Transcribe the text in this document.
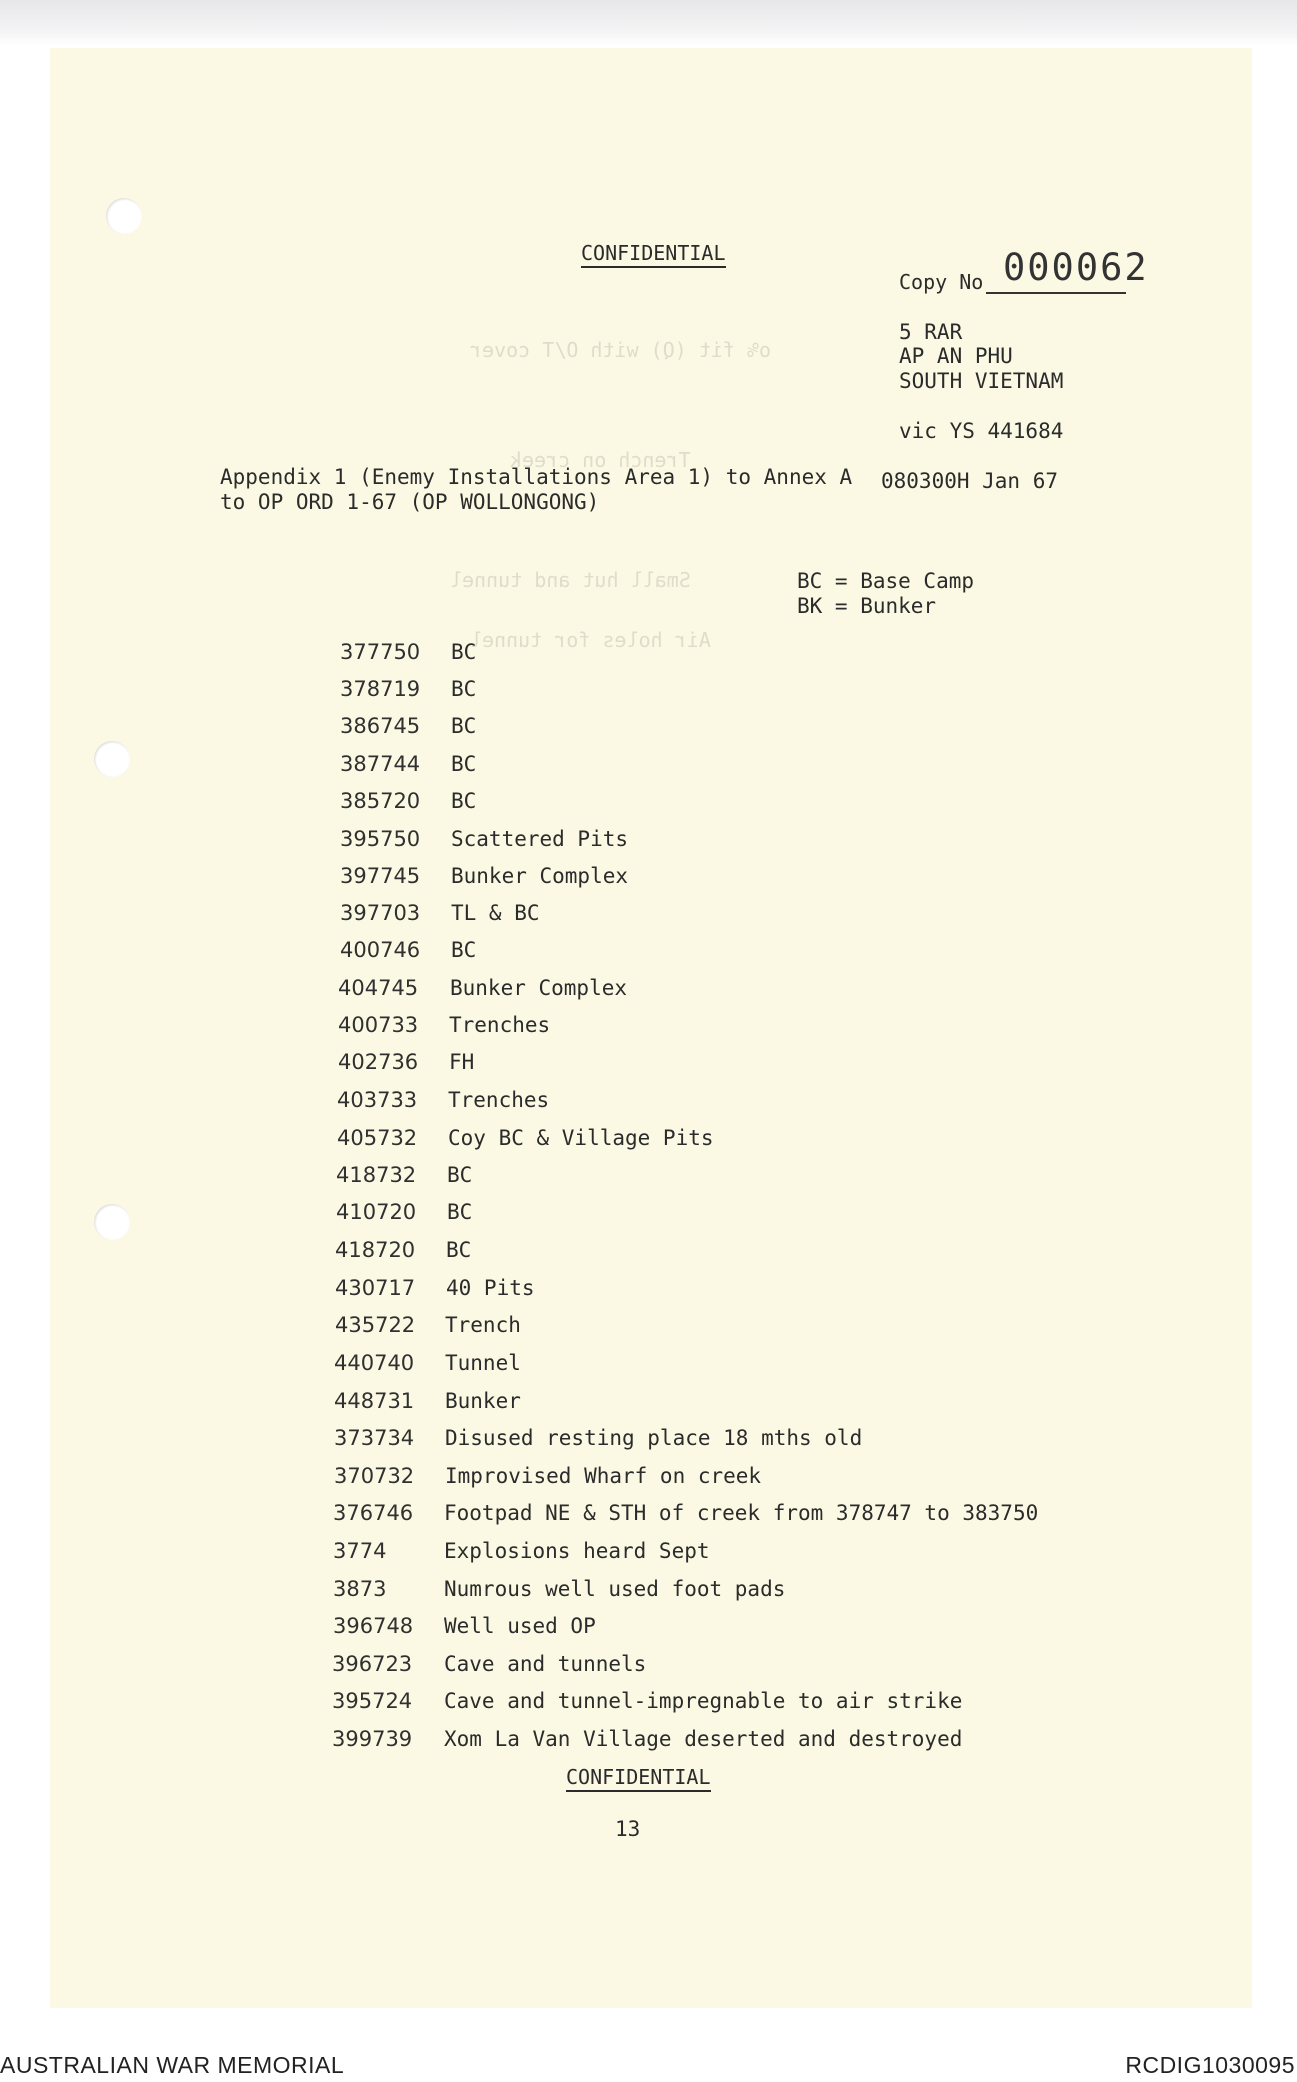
o% fit (Q) with O/T cover
Trench on creek
Small hut and tunnel
Air holes for tunnel
CONFIDENTIAL
Copy No 000062
5 RAR
AP AN PHU
SOUTH VIETNAM
vic YS 441684
Appendix 1 (Enemy Installations Area 1) to Annex A
to OP ORD 1-67 (OP WOLLONGONG)
080300H Jan 67
BC = Base Camp
BK = Bunker
377750 BC
378719 BC
386745 BC
387744 BC
385720 BC
395750 Scattered Pits
397745 Bunker Complex
397703 TL & BC
400746 BC
404745 Bunker Complex
400733 Trenches
402736 FH
403733 Trenches
405732 Coy BC & Village Pits
418732 BC
410720 BC
418720 BC
430717 40 Pits
435722 Trench
440740 Tunnel
448731 Bunker
373734 Disused resting place 18 mths old
370732 Improvised Wharf on creek
376746 Footpad NE & STH of creek from 378747 to 383750
3774	Explosions heard Sept
3873	Numrous well used foot pads
396748 Well used OP
396723 Cave and tunnels
395724 Cave and tunnel-impregnable to air strike
399739 Xom La Van Village deserted and destroyed
CONFIDENTIAL
13
AUSTRALIAN WAR MEMORIAL	RCDIG1030095
